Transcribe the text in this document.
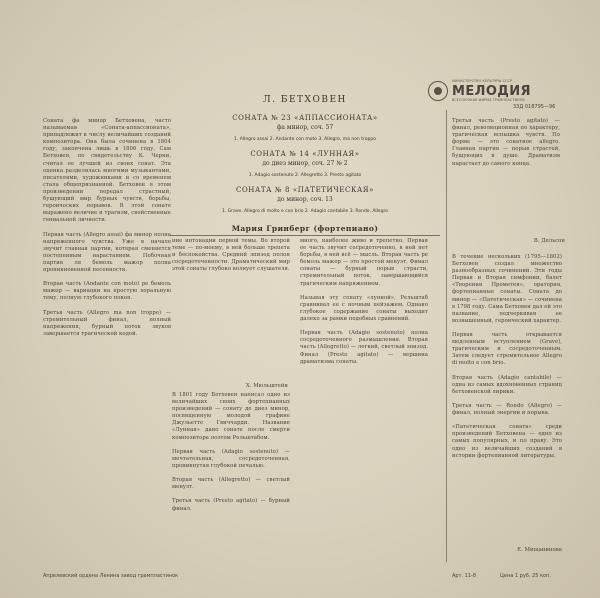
МИНИСТЕРСТВО КУЛЬТУРЫ СССР
МЕЛОДИЯ
ВСЕСОЮЗНАЯ ФИРМА ГРАМПЛАСТИНОК
33Д 018795—96
Л. БЕТХОВЕН
СОНАТА № 23 «АППАССИОНАТА»
фа минор, соч. 57
1. Allegro assai 2. Andante con moto 3. Allegro, ma non troppo
СОНАТА № 14 «ЛУННАЯ»
до диез минор, соч. 27 № 2
1. Adagio sostenuto 2. Allegretto 3. Presto agitato
СОНАТА № 8 «ПАТЕТИЧЕСКАЯ»
до минор, соч. 13
1. Grave. Allegro di molto e con brio 2. Adagio cantabile 3. Rondo. Allegro
Мария Гринберг (фортепиано)
Соната фа минор Бетховена, часто называемая «Соната-аппассионата», принадлежит к числу величайших созданий композитора. Она была сочинена в 1804 году, закончена лишь в 1806 году. Сам Бетховен, по свидетельству К. Черни, считал ее лучшей из своих сонат. Эта оценка разделялась многими музыкантами, писателями, художниками и со временем стала общепризнанной. Бетховен в этом произведении передал страстный, бушующий мир бурных чувств, борьбы, героических порывов. В этой сонате выражено величие и трагизм, свойственные гениальной личности.

Первая часть (Allegro assai) фа минор полна напряженного чувства. Уже в начале звучит главная партия, которая сменяется постепенным нарастанием. Побочная партия ля бемоль мажор полна проникновенной песенности.

Вторая часть (Andante con moto) ре бемоль мажор — вариации на простую хоральную тему, полную глубокого покоя.

Третья часть (Allegro ma non troppo) — стремительный финал, полный напряжения, бурный поток звуков завершается трагической кодой.
Третья часть (Presto agitato) — финал, революционная по характеру, трагическая вспышка чувств. По форме — это сонатное allegro. Главная партия — порыв страстей, бушующих в душе. Драматизм нарастает до самого конца.
В. Дельсон
ние интонации первой темы. Во второй теме — по-моему, в ней больше трепета и беспокойства. Средний эпизод полон сосредоточенности. Драматический мир этой сонаты глубоко волнует слушателя.
много, наиболее живо и трепетно. Первая ее часть звучит сосредоточенно, в ней нет борьбы, в ней всё — мысль. Вторая часть ре бемоль мажор — это простой менуэт. Финал сонаты — бурный порыв страсти, стремительный поток, завершающийся трагическим напряжением.

Называя эту сонату «лунной», Рельштаб сравнивал ее с ночным пейзажем. Однако глубокое содержание сонаты выходит далеко за рамки подобных сравнений.

Первая часть (Adagio sostenuto) полна сосредоточенного размышления. Вторая часть (Allegretto) — легкий, светлый эпизод. Финал (Presto agitato) — вершина драматизма сонаты.
Х. Мюльштейн
В 1801 году Бетховен написал одно из величайших своих фортепианных произведений — сонату до диез минор, посвященную молодой графине Джульетте Гвиччарди. Название «Лунная» дано сонате после смерти композитора поэтом Рельштабом.

Первая часть (Adagio sostenuto) — мечтательная, сосредоточенная, проникнутая глубокой печалью.

Вторая часть (Allegretto) — светлый менуэт.

Третья часть (Presto agitato) — бурный финал.
В течение нескольких (1795—1802) Бетховен создал множество разнообразных сочинений. Эти годы Первая и Вторая симфонии, балет «Творения Прометея», оратория, фортепианные сонаты. Соната до минор — «Патетическая» — сочинена в 1798 году. Сама Бетховен дал ей это название, подчеркивая ее возвышенный, героический характер.

Первая часть открывается медленным вступлением (Grave), трагическим и сосредоточенным. Затем следует стремительное Allegro di molto e con brio.

Вторая часть (Adagio cantabile) — одна из самых вдохновенных страниц бетховенской лирики.

Третья часть — Rondo (Allegro) — финал, полный энергии и порыва.

«Патетическая соната» среди произведений Бетховена — одно из самых популярных, и по праву. Это одно из величайших созданий в истории фортепианной литературы.
Е. Мищанинова
Апрелевский ордена Ленина завод грампластинок	Арт. 11-8	Цена 1 руб. 25 коп.
